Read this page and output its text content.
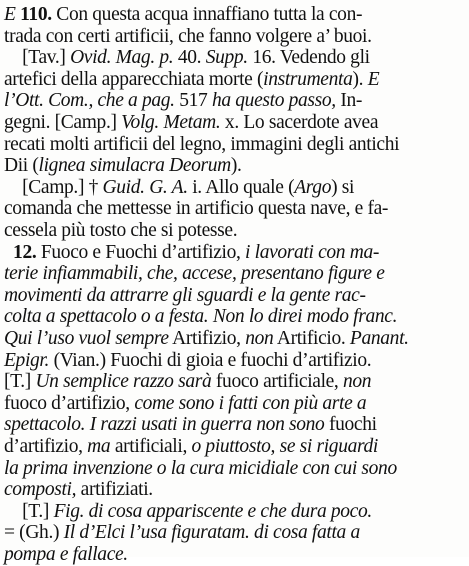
E 110. Con questa acqua innaffiano tutta la con-
trada con certi artificii, che fanno volgere a’ buoi.
[Tav.] Ovid. Mag. p. 40. Supp. 16. Vedendo gli
artefici della apparecchiata morte (instrumenta). E
l’Ott. Com., che a pag. 517 ha questo passo, In-
gegni. [Camp.] Volg. Metam. x. Lo sacerdote avea
recati molti artificii del legno, immagini degli antichi
Dii (lignea simulacra Deorum).
[Camp.] † Guid. G. A. i. Allo quale (Argo) si
comanda che mettesse in artificio questa nave, e fa-
cessela più tosto che si potesse.
12. Fuoco e Fuochi d’artifizio, i lavorati con ma-
terie infiammabili, che, accese, presentano figure e
movimenti da attrarre gli sguardi e la gente rac-
colta a spettacolo o a festa. Non lo direi modo franc.
Qui l’uso vuol sempre Artifizio, non Artificio. Panant.
Epigr. (Vian.) Fuochi di gioia e fuochi d’artifizio.
[T.] Un semplice razzo sarà fuoco artificiale, non
fuoco d’artifizio, come sono i fatti con più arte a
spettacolo. I razzi usati in guerra non sono fuochi
d’artifizio, ma artificiali, o piuttosto, se si riguardi
la prima invenzione o la cura micidiale con cui sono
composti, artifiziati.
[T.] Fig. di cosa appariscente e che dura poco.
= (Gh.) Il d’Elci l’usa figuratam. di cosa fatta a
pompa e fallace.
